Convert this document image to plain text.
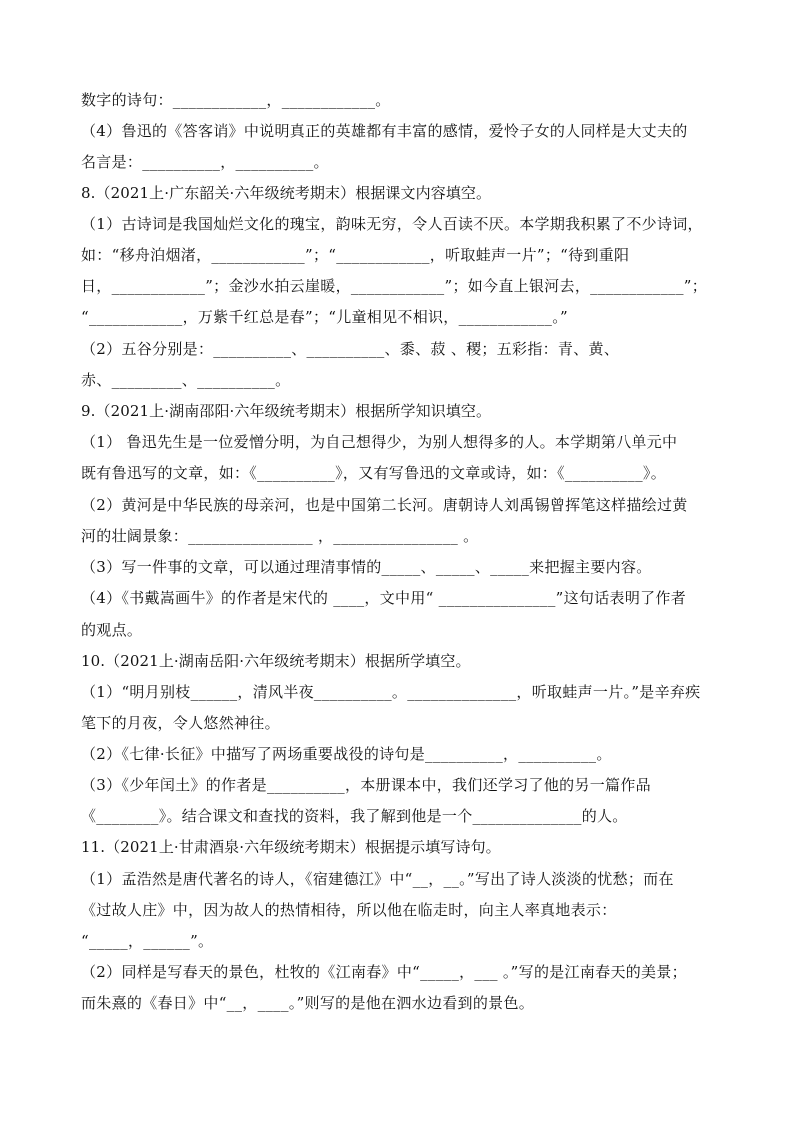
数字的诗句：____________，____________。
（4）鲁迅的《答客诮》中说明真正的英雄都有丰富的感情，爱怜子女的人同样是大丈夫的
名言是：__________，__________。
8.（2021上·广东韶关·六年级统考期末）根据课文内容填空。
（1）古诗词是我国灿烂文化的瑰宝，韵味无穷，令人百读不厌。本学期我积累了不少诗词，
如：“移舟泊烟渚，____________”；“____________，听取蛙声一片”；“待到重阳
日，____________”；金沙水拍云崖暖，____________”；如今直上银河去，____________”；
“____________，万紫千红总是春”；“儿童相见不相识，____________。”
（2）五谷分别是：__________、__________、黍、菽 、稷；五彩指：青、黄、
赤、_________、__________。
9.（2021上·湖南邵阳·六年级统考期末）根据所学知识填空。
（1） 鲁迅先生是一位爱憎分明，为自己想得少，为别人想得多的人。本学期第八单元中
既有鲁迅写的文章，如：《__________》，又有写鲁迅的文章或诗，如：《__________》。
（2）黄河是中华民族的母亲河，也是中国第二长河。唐朝诗人刘禹锡曾挥笔这样描绘过黄
河的壮阔景象：________________ ，________________ 。
（3）写一件事的文章，可以通过理清事情的_____、_____、_____来把握主要内容。
（4）《书戴嵩画牛》的作者是宋代的 ____，文中用“ _______________”这句话表明了作者
的观点。
10.（2021上·湖南岳阳·六年级统考期末）根据所学填空。
（1）“明月别枝______，清风半夜__________。______________，听取蛙声一片。”是辛弃疾
笔下的月夜，令人悠然神往。
（2）《七律·长征》中描写了两场重要战役的诗句是__________，__________。
（3）《少年闰土》的作者是__________，本册课本中，我们还学习了他的另一篇作品
《________》。结合课文和查找的资料，我了解到他是一个______________的人。
11.（2021上·甘肃酒泉·六年级统考期末）根据提示填写诗句。
（1）孟浩然是唐代著名的诗人，《宿建德江》中“__，__。”写出了诗人淡淡的忧愁；而在
《过故人庄》中，因为故人的热情相待，所以他在临走时，向主人率真地表示：
“_____，______”。
（2）同样是写春天的景色，杜牧的《江南春》中“_____，___ 。”写的是江南春天的美景；
而朱熹的《春日》中“__，____。”则写的是他在泗水边看到的景色。
